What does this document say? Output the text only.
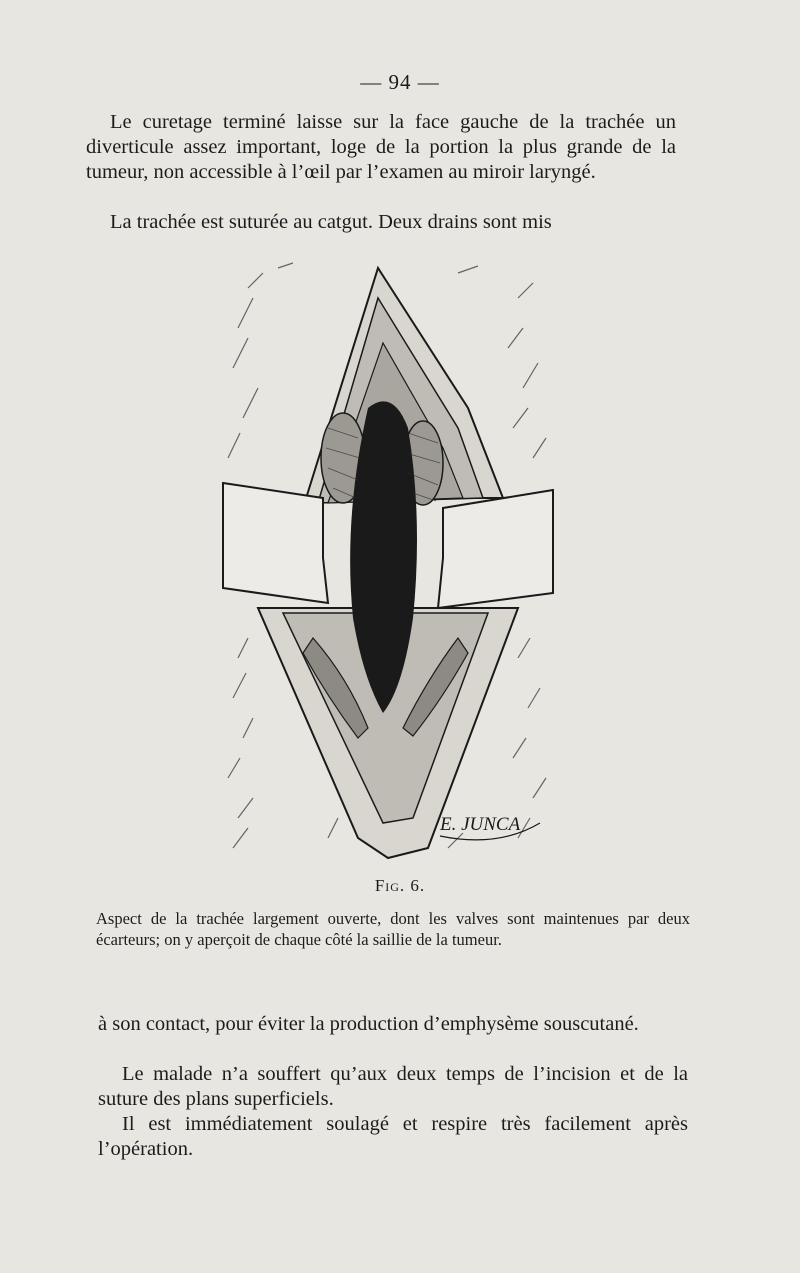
— 94 —

Le curetage terminé laisse sur la face gauche de la trachée un diverticule assez important, loge de la portion la plus grande de la tumeur, non accessible à l’œil par l’examen au miroir laryngé.

La trachée est suturée au catgut. Deux drains sont mis

E. JUNCA
Fig. 6.

Aspect de la trachée largement ouverte, dont les valves sont maintenues par deux écarteurs; on y aperçoit de chaque côté la saillie de la tumeur.

à son contact, pour éviter la production d’emphysème souscutané.

Le malade n’a souffert qu’aux deux temps de l’incision et de la suture des plans superficiels.

Il est immédiatement soulagé et respire très facilement après l’opération.
